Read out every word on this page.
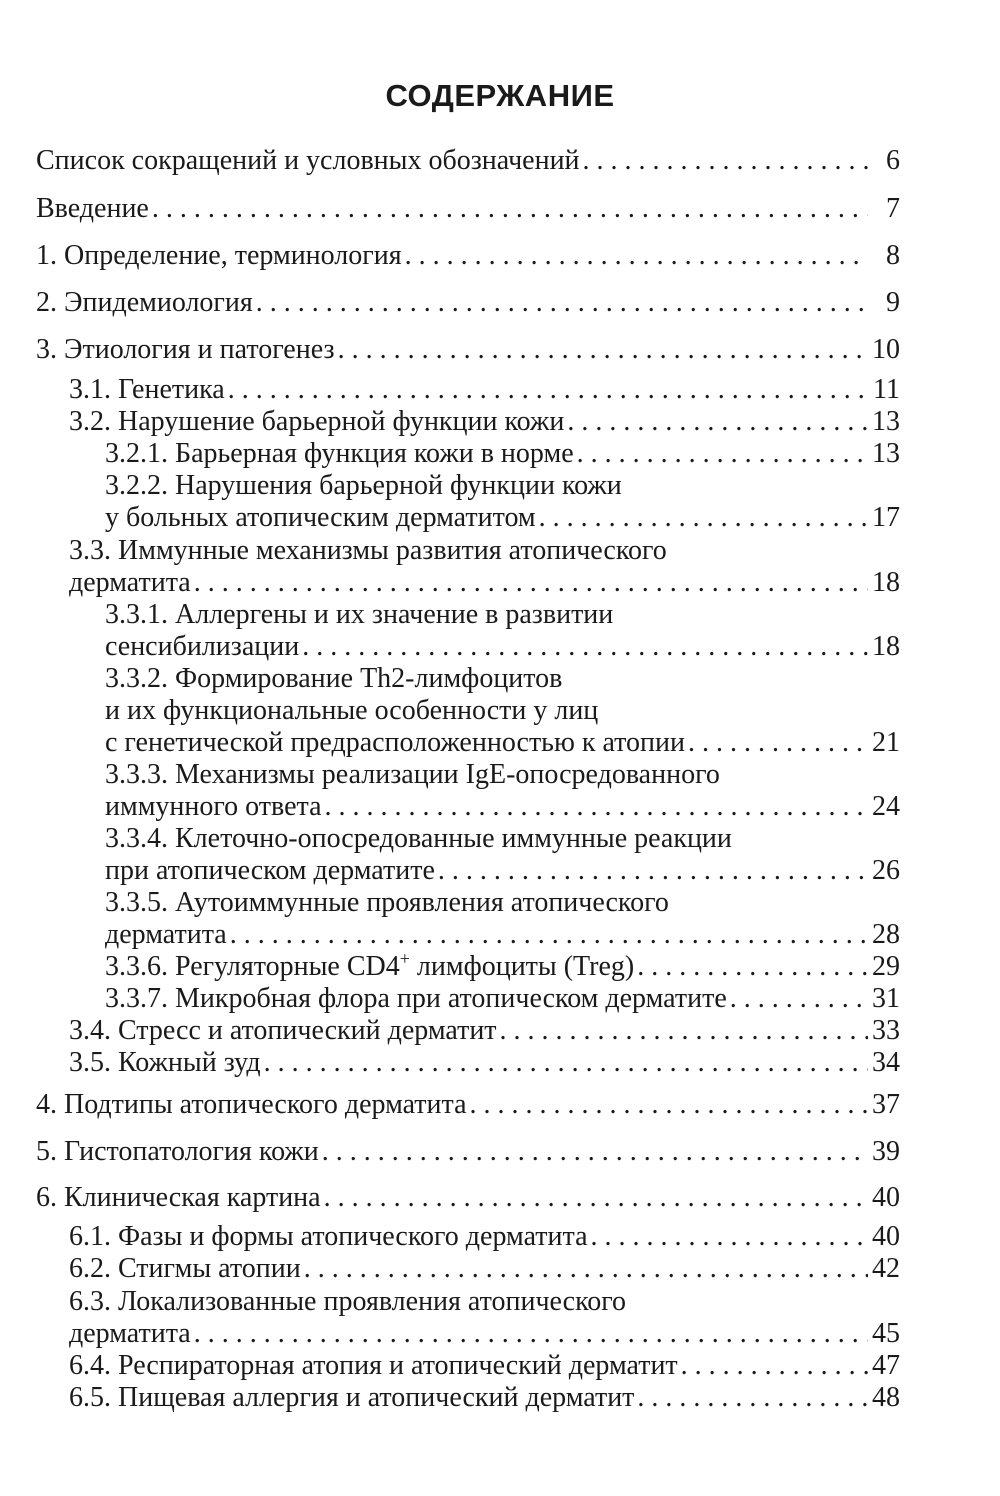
СОДЕРЖАНИЕ
Список сокращений и условных обозначений . . .	6
Введение . . .	7
1. Определение, терминология . . .	8
2. Эпидемиология . . .	9
3. Этиология и патогенез . . .	10
3.1. Генетика . . .	11
3.2. Нарушение барьерной функции кожи . . .	13
3.2.1. Барьерная функция кожи в норме . . .	13
3.2.2. Нарушения барьерной функции кожи
у больных атопическим дерматитом . . .	17
3.3. Иммунные механизмы развития атопического
дерматита . . .	18
3.3.1. Аллергены и их значение в развитии
сенсибилизации . . .	18
3.3.2. Формирование Th2-лимфоцитов
и их функциональные особенности у лиц
с генетической предрасположенностью к атопии . . .	21
3.3.3. Механизмы реализации IgE-опосредованного
иммунного ответа . . .	24
3.3.4. Клеточно-опосредованные иммунные реакции
при атопическом дерматите . . .	26
3.3.5. Аутоиммунные проявления атопического
дерматита . . .	28
3.3.6. Регуляторные CD4+ лимфоциты (Treg) . . .	29
3.3.7. Микробная флора при атопическом дерматите . . .	31
3.4. Стресс и атопический дерматит . . .	33
3.5. Кожный зуд . . .	34
4. Подтипы атопического дерматита . . .	37
5. Гистопатология кожи . . .	39
6. Клиническая картина . . .	40
6.1. Фазы и формы атопического дерматита . . .	40
6.2. Стигмы атопии . . .	42
6.3. Локализованные проявления атопического
дерматита . . .	45
6.4. Респираторная атопия и атопический дерматит . . .	47
6.5. Пищевая аллергия и атопический дерматит . . .	48
